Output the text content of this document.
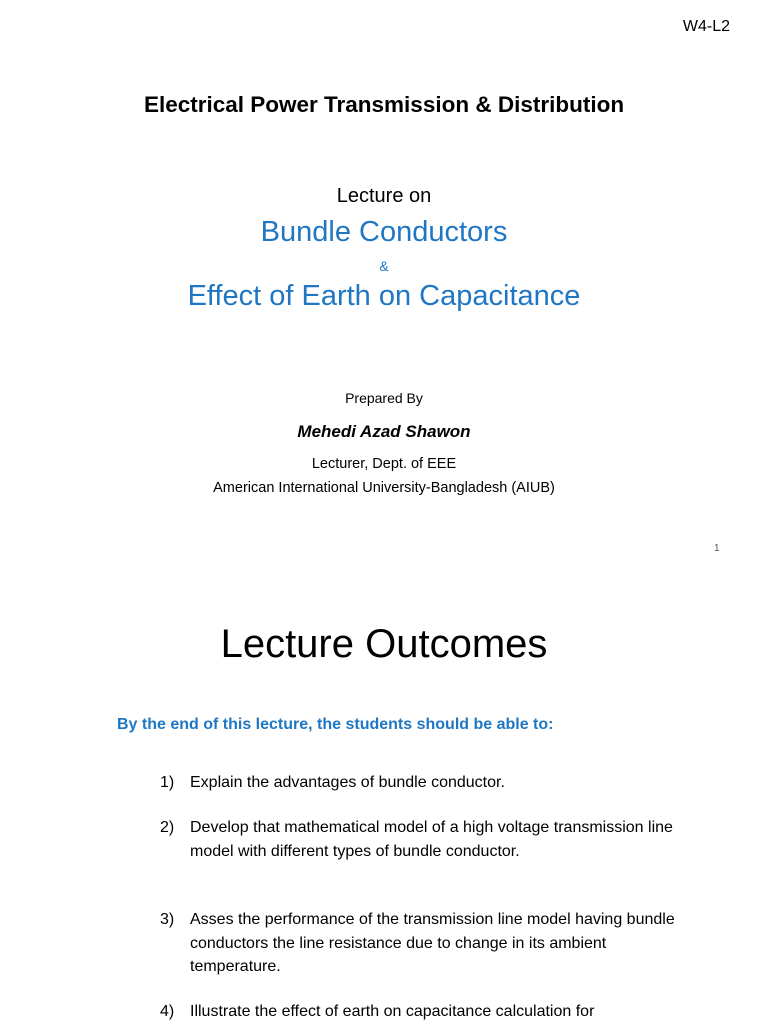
W4-L2
Electrical Power Transmission & Distribution
Lecture on
Bundle Conductors
&
Effect of Earth on Capacitance
Prepared By
Mehedi Azad Shawon
Lecturer, Dept. of EEE
American International University-Bangladesh (AIUB)
1
Lecture Outcomes
By the end of this lecture, the students should be able to:
1) Explain the advantages of bundle conductor.
2) Develop that mathematical model of a high voltage transmission line model with different types of bundle conductor.
3) Asses the performance of the transmission line model having bundle conductors the line resistance due to change in its ambient temperature.
4) Illustrate the effect of earth on capacitance calculation for
